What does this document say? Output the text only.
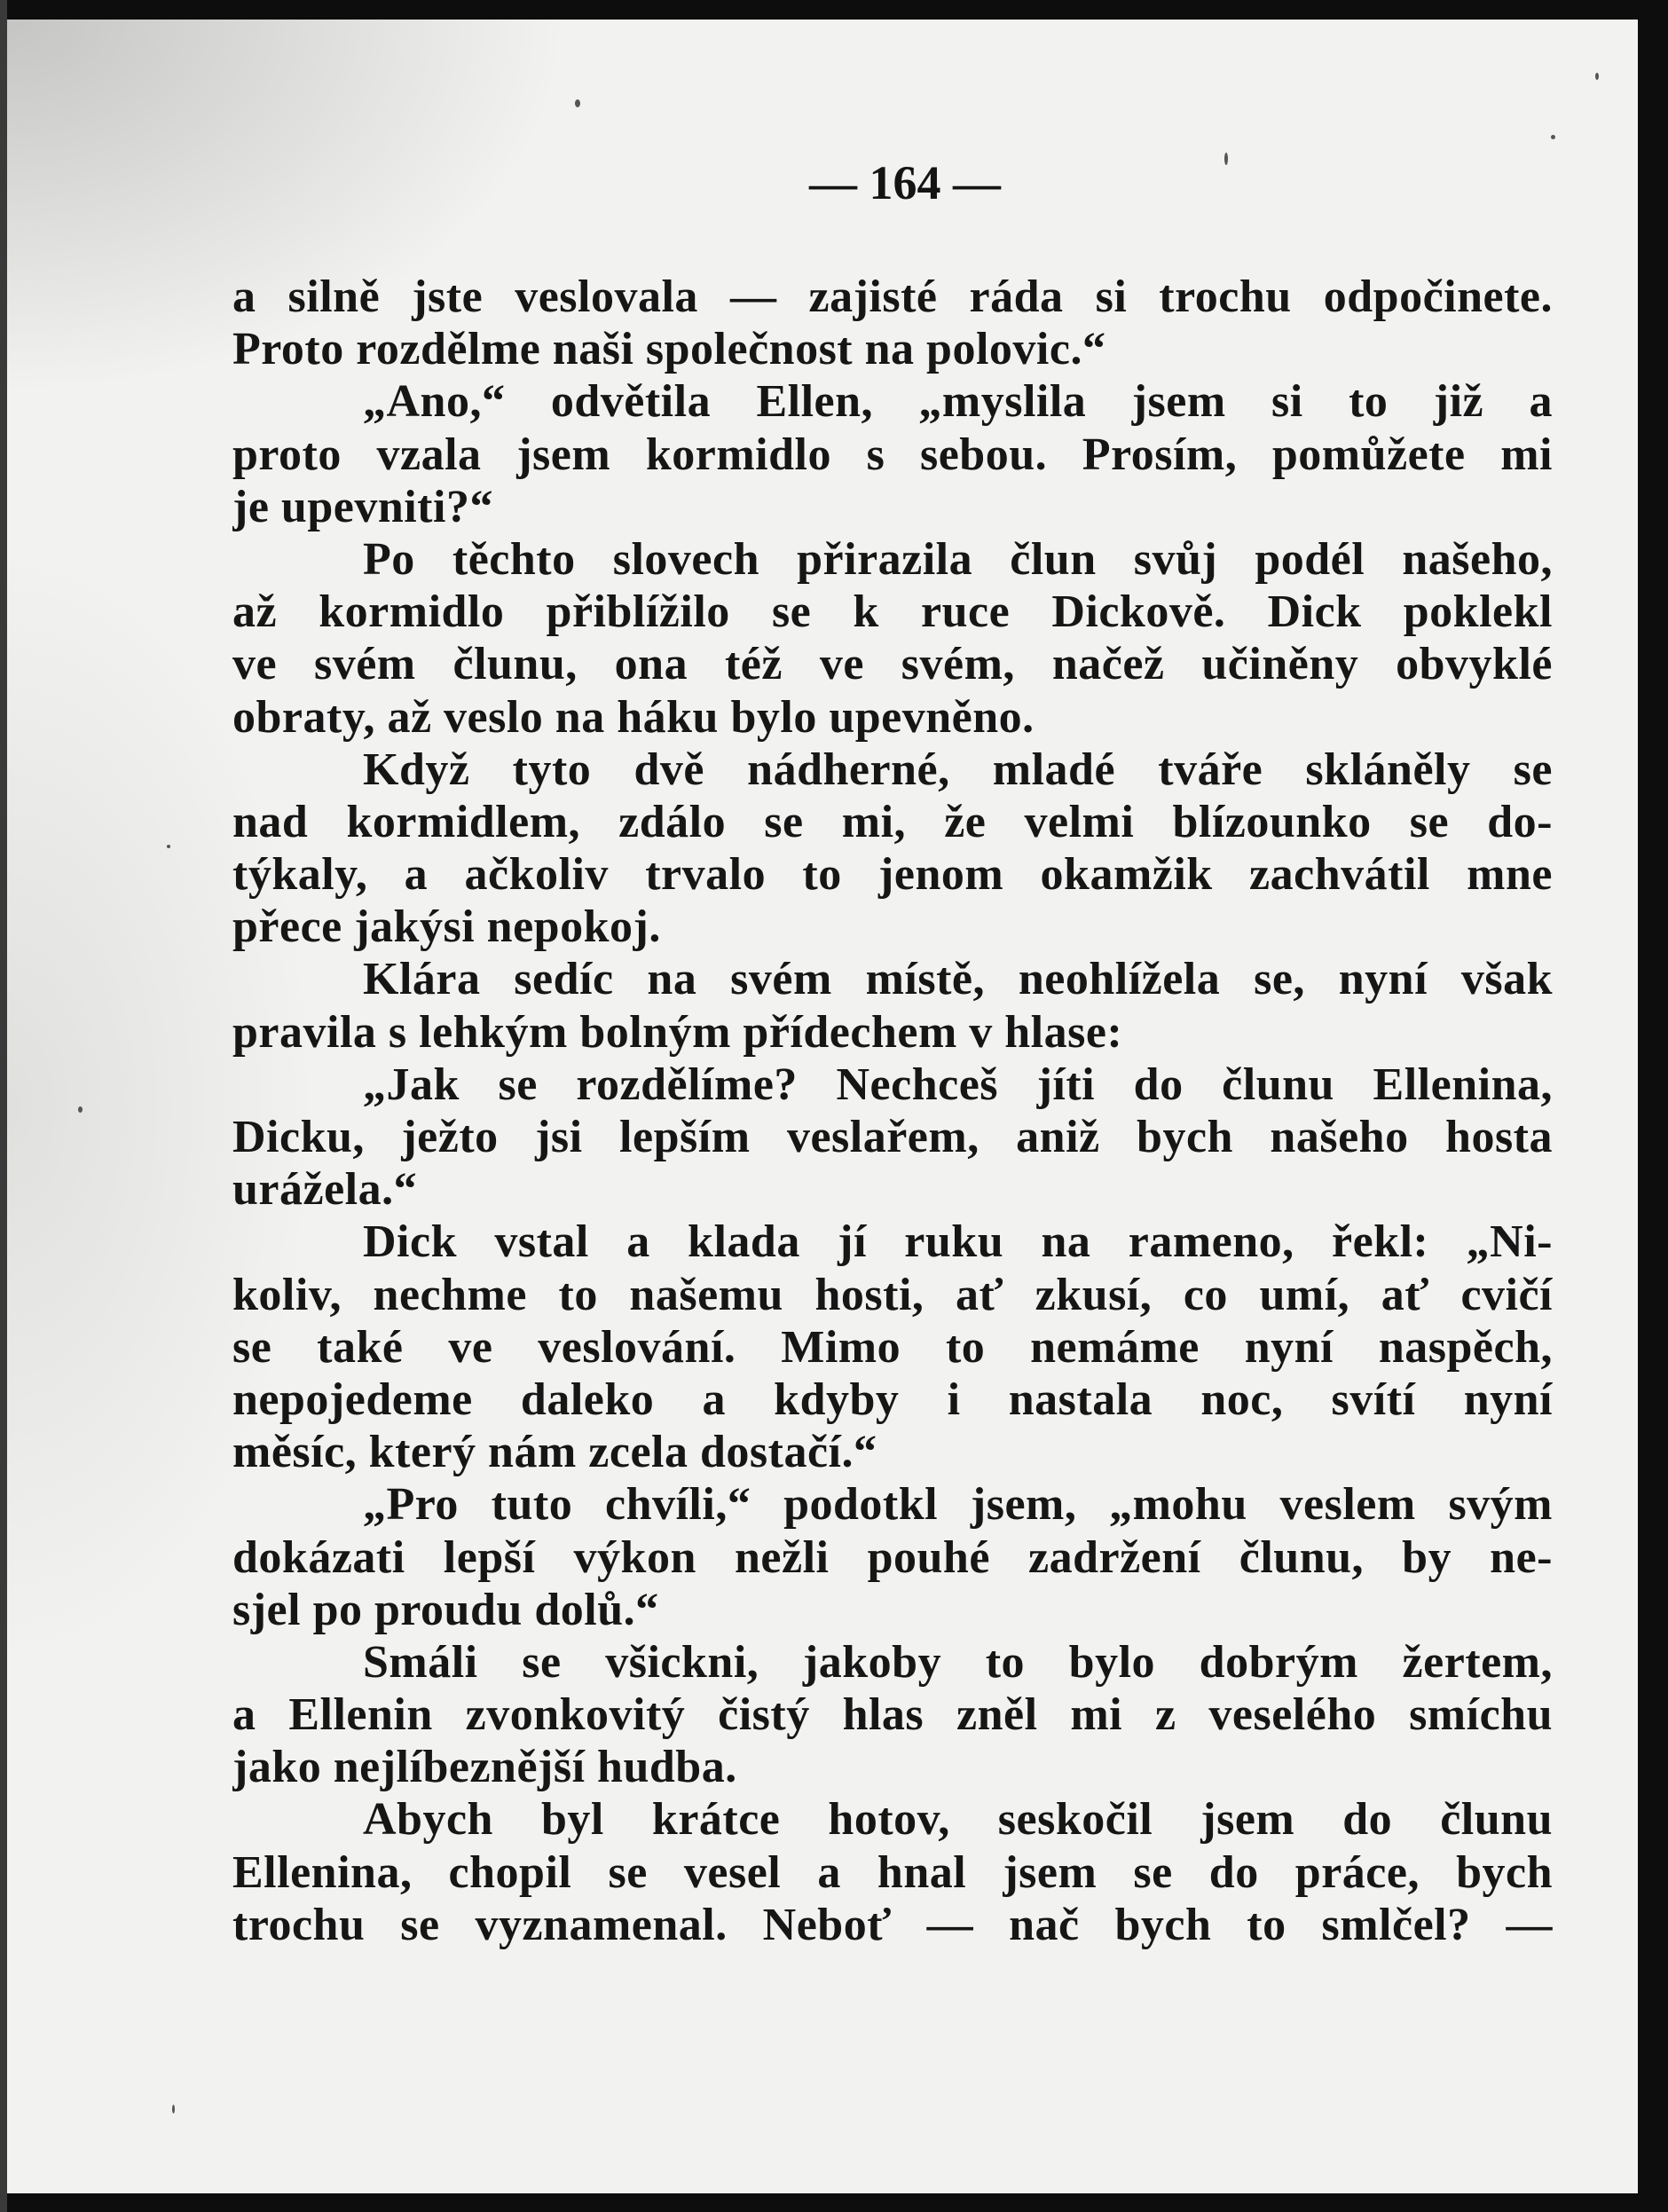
— 164 —
a silně jste veslovala — zajisté ráda si trochu odpočinete.
Proto rozdělme naši společnost na polovic.“
„Ano,“ odvětila Ellen, „myslila jsem si to již a
proto vzala jsem kormidlo s sebou. Prosím, pomůžete mi
je upevniti?“
Po těchto slovech přirazila člun svůj podél našeho,
až kormidlo přiblížilo se k ruce Dickově. Dick poklekl
ve svém člunu, ona též ve svém, načež učiněny obvyklé
obraty, až veslo na háku bylo upevněno.
Když tyto dvě nádherné, mladé tváře skláněly se
nad kormidlem, zdálo se mi, že velmi blízounko se do-
týkaly, a ačkoliv trvalo to jenom okamžik zachvátil mne
přece jakýsi nepokoj.
Klára sedíc na svém místě, neohlížela se, nyní však
pravila s lehkým bolným přídechem v hlase:
„Jak se rozdělíme? Nechceš jíti do člunu Ellenina,
Dicku, ježto jsi lepším veslařem, aniž bych našeho hosta
urážela.“
Dick vstal a klada jí ruku na rameno, řekl: „Ni-
koliv, nechme to našemu hosti, ať zkusí, co umí, ať cvičí
se také ve veslování. Mimo to nemáme nyní naspěch,
nepojedeme daleko a kdyby i nastala noc, svítí nyní
měsíc, který nám zcela dostačí.“
„Pro tuto chvíli,“ podotkl jsem, „mohu veslem svým
dokázati lepší výkon nežli pouhé zadržení člunu, by ne-
sjel po proudu dolů.“
Smáli se všickni, jakoby to bylo dobrým žertem,
a Ellenin zvonkovitý čistý hlas zněl mi z veselého smíchu
jako nejlíbeznější hudba.
Abych byl krátce hotov, seskočil jsem do člunu
Ellenina, chopil se vesel a hnal jsem se do práce, bych
trochu se vyznamenal. Neboť — nač bych to smlčel? —
